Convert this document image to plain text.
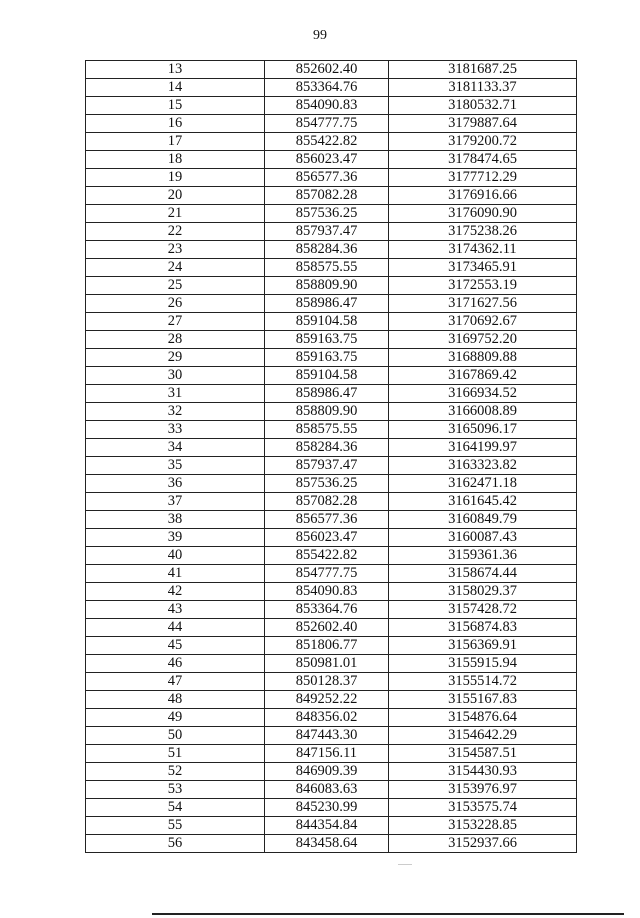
99
13	852602.40	3181687.25
14	853364.76	3181133.37
15	854090.83	3180532.71
16	854777.75	3179887.64
17	855422.82	3179200.72
18	856023.47	3178474.65
19	856577.36	3177712.29
20	857082.28	3176916.66
21	857536.25	3176090.90
22	857937.47	3175238.26
23	858284.36	3174362.11
24	858575.55	3173465.91
25	858809.90	3172553.19
26	858986.47	3171627.56
27	859104.58	3170692.67
28	859163.75	3169752.20
29	859163.75	3168809.88
30	859104.58	3167869.42
31	858986.47	3166934.52
32	858809.90	3166008.89
33	858575.55	3165096.17
34	858284.36	3164199.97
35	857937.47	3163323.82
36	857536.25	3162471.18
37	857082.28	3161645.42
38	856577.36	3160849.79
39	856023.47	3160087.43
40	855422.82	3159361.36
41	854777.75	3158674.44
42	854090.83	3158029.37
43	853364.76	3157428.72
44	852602.40	3156874.83
45	851806.77	3156369.91
46	850981.01	3155915.94
47	850128.37	3155514.72
48	849252.22	3155167.83
49	848356.02	3154876.64
50	847443.30	3154642.29
51	847156.11	3154587.51
52	846909.39	3154430.93
53	846083.63	3153976.97
54	845230.99	3153575.74
55	844354.84	3153228.85
56	843458.64	3152937.66
